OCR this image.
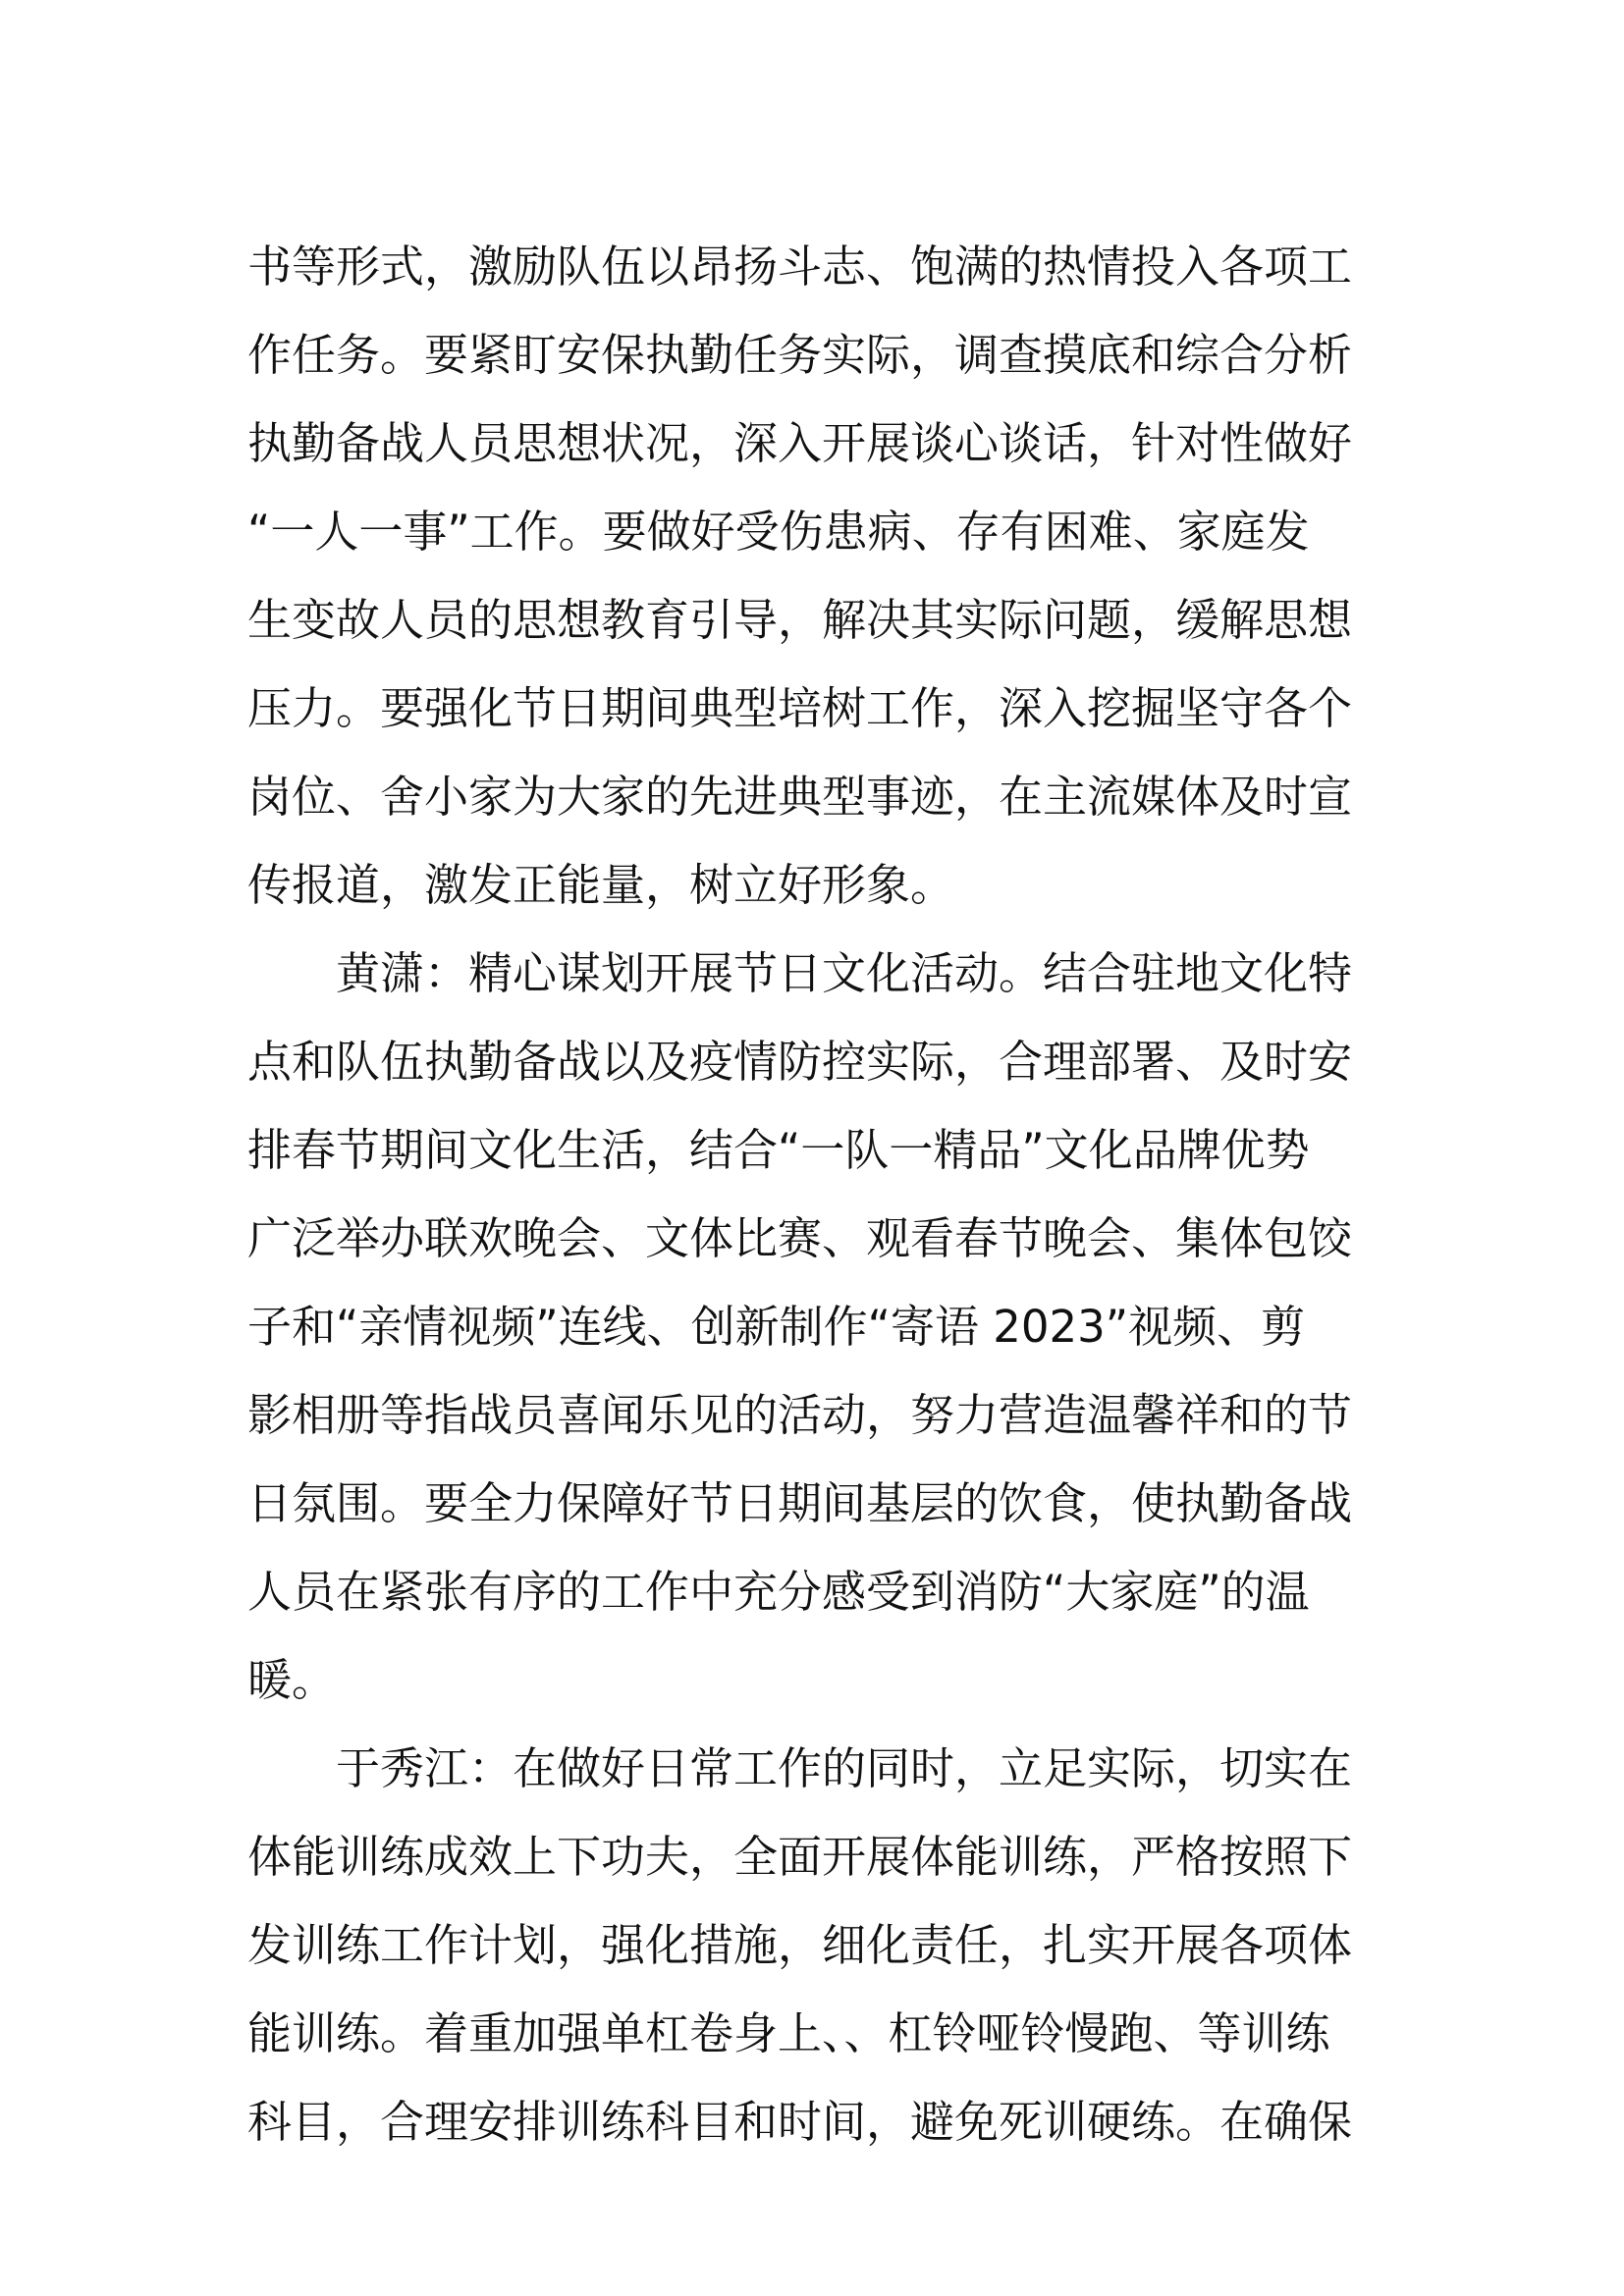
书等形式，激励队伍以昂扬斗志、饱满的热情投入各项工
作任务。要紧盯安保执勤任务实际，调查摸底和综合分析
执勤备战人员思想状况，深入开展谈心谈话，针对性做好
“一人一事”工作。要做好受伤患病、存有困难、家庭发
生变故人员的思想教育引导，解决其实际问题，缓解思想
压力。要强化节日期间典型培树工作，深入挖掘坚守各个
岗位、舍小家为大家的先进典型事迹，在主流媒体及时宣
传报道，激发正能量，树立好形象。
黄潇：精心谋划开展节日文化活动。结合驻地文化特
点和队伍执勤备战以及疫情防控实际，合理部署、及时安
排春节期间文化生活，结合“一队一精品”文化品牌优势
广泛举办联欢晚会、文体比赛、观看春节晚会、集体包饺
子和“亲情视频”连线、创新制作“寄语 2023”视频、剪
影相册等指战员喜闻乐见的活动，努力营造温馨祥和的节
日氛围。要全力保障好节日期间基层的饮食，使执勤备战
人员在紧张有序的工作中充分感受到消防“大家庭”的温
暖。
于秀江：在做好日常工作的同时，立足实际，切实在
体能训练成效上下功夫，全面开展体能训练，严格按照下
发训练工作计划，强化措施，细化责任，扎实开展各项体
能训练。着重加强单杠卷身上、、杠铃哑铃慢跑、等训练
科目，合理安排训练科目和时间，避免死训硬练。在确保
